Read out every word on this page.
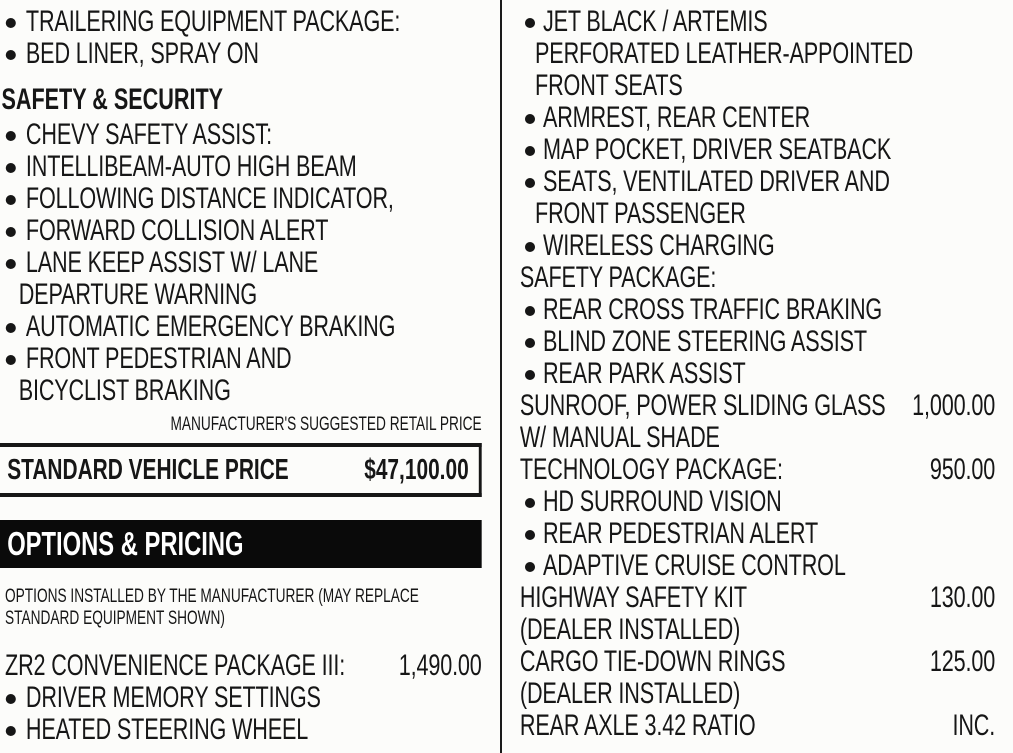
TRAILERING EQUIPMENT PACKAGE:
BED LINER, SPRAY ON
SAFETY & SECURITY
CHEVY SAFETY ASSIST:
INTELLIBEAM-AUTO HIGH BEAM
FOLLOWING DISTANCE INDICATOR,
FORWARD COLLISION ALERT
LANE KEEP ASSIST W/ LANE
DEPARTURE WARNING
AUTOMATIC EMERGENCY BRAKING
FRONT PEDESTRIAN AND
BICYCLIST BRAKING
MANUFACTURER'S SUGGESTED RETAIL PRICE
STANDARD VEHICLE PRICE	$47,100.00
OPTIONS & PRICING
OPTIONS INSTALLED BY THE MANUFACTURER (MAY REPLACE
STANDARD EQUIPMENT SHOWN)
ZR2 CONVENIENCE PACKAGE III:	1,490.00
DRIVER MEMORY SETTINGS
HEATED STEERING WHEEL
JET BLACK / ARTEMIS
PERFORATED LEATHER-APPOINTED
FRONT SEATS
ARMREST, REAR CENTER
MAP POCKET, DRIVER SEATBACK
SEATS, VENTILATED DRIVER AND
FRONT PASSENGER
WIRELESS CHARGING
SAFETY PACKAGE:
REAR CROSS TRAFFIC BRAKING
BLIND ZONE STEERING ASSIST
REAR PARK ASSIST
SUNROOF, POWER SLIDING GLASS 1,000.00
W/ MANUAL SHADE
TECHNOLOGY PACKAGE:	950.00
HD SURROUND VISION
REAR PEDESTRIAN ALERT
ADAPTIVE CRUISE CONTROL
HIGHWAY SAFETY KIT	130.00
(DEALER INSTALLED)
CARGO TIE-DOWN RINGS	125.00
(DEALER INSTALLED)
REAR AXLE 3.42 RATIO	INC.
